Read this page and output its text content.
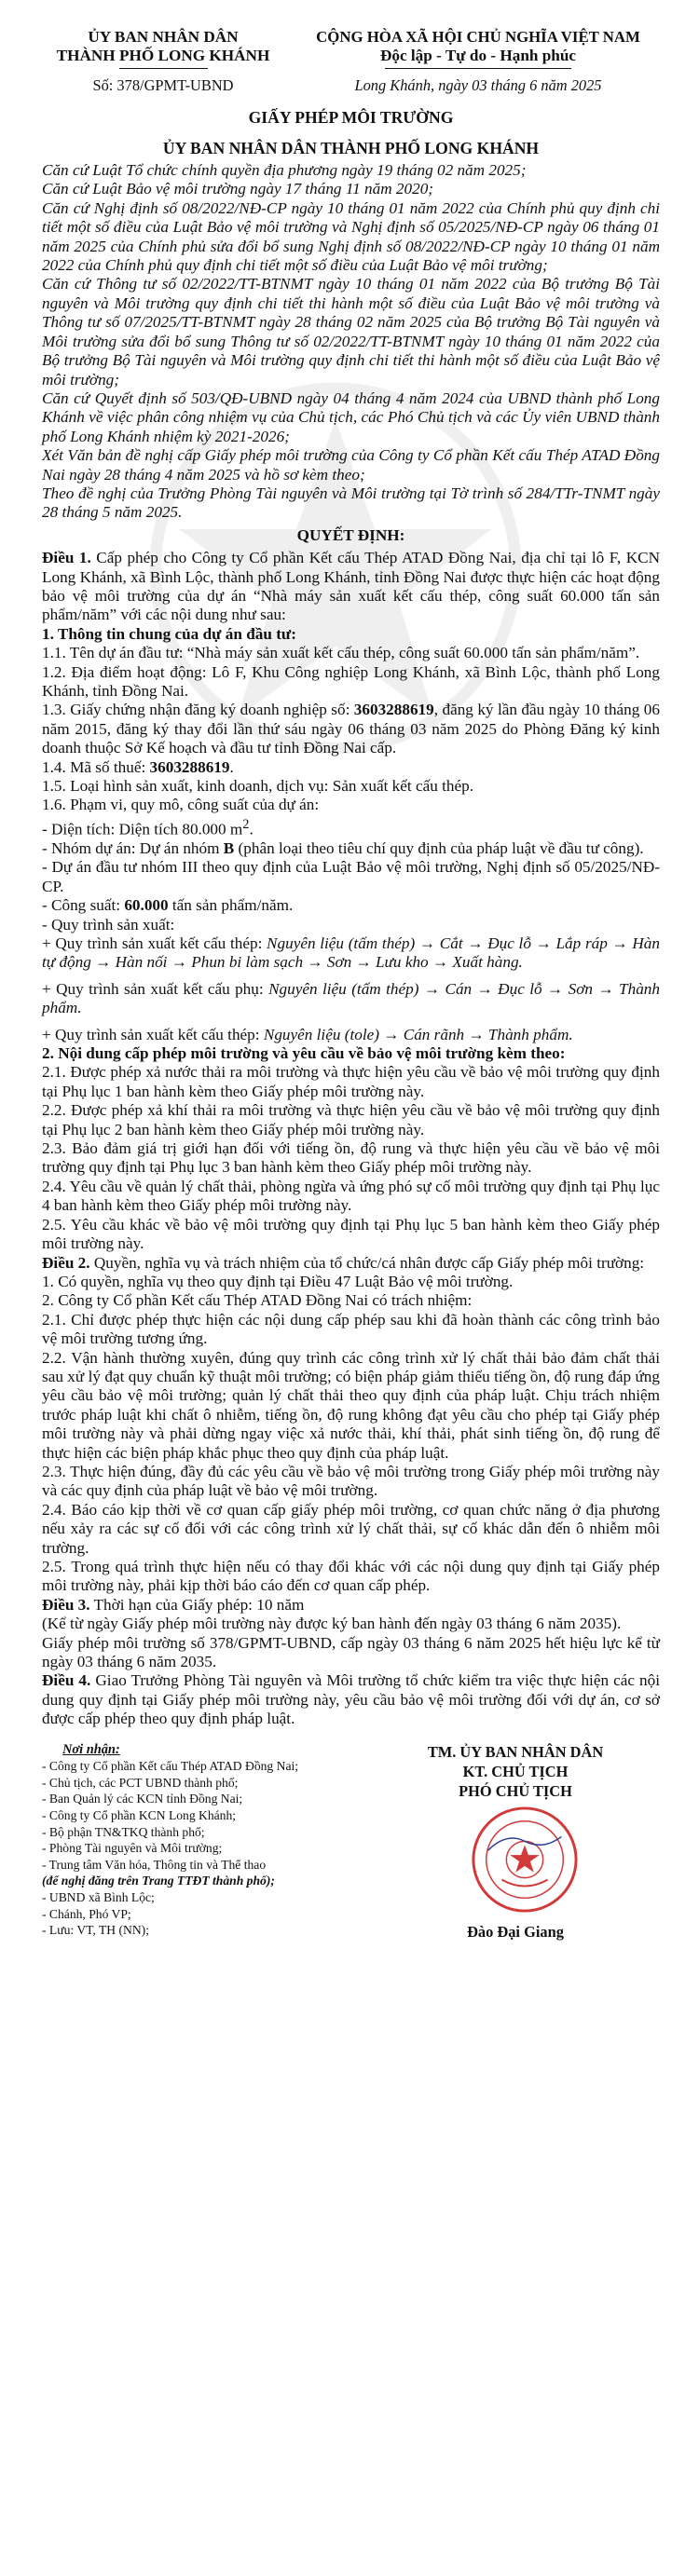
ỦY BAN NHÂN DÂN
THÀNH PHỐ LONG KHÁNH
CỘNG HÒA XÃ HỘI CHỦ NGHĨA VIỆT NAM
Độc lập - Tự do - Hạnh phúc
Số: 378/GPMT-UBND	Long Khánh, ngày 03 tháng 6 năm 2025
GIẤY PHÉP MÔI TRƯỜNG
ỦY BAN NHÂN DÂN THÀNH PHỐ LONG KHÁNH

Căn cứ Luật Tổ chức chính quyền địa phương ngày 19 tháng 02 năm 2025;

Căn cứ Luật Bảo vệ môi trường ngày 17 tháng 11 năm 2020;

Căn cứ Nghị định số 08/2022/NĐ-CP ngày 10 tháng 01 năm 2022 của Chính phủ quy định chi tiết một số điều của Luật Bảo vệ môi trường và Nghị định số 05/2025/NĐ-CP ngày 06 tháng 01 năm 2025 của Chính phủ sửa đổi bổ sung Nghị định số 08/2022/NĐ-CP ngày 10 tháng 01 năm 2022 của Chính phủ quy định chi tiết một số điều của Luật Bảo vệ môi trường;

Căn cứ Thông tư số 02/2022/TT-BTNMT ngày 10 tháng 01 năm 2022 của Bộ trưởng Bộ Tài nguyên và Môi trường quy định chi tiết thi hành một số điều của Luật Bảo vệ môi trường và Thông tư số 07/2025/TT-BTNMT ngày 28 tháng 02 năm 2025 của Bộ trưởng Bộ Tài nguyên và Môi trường sửa đổi bổ sung Thông tư số 02/2022/TT-BTNMT ngày 10 tháng 01 năm 2022 của Bộ trưởng Bộ Tài nguyên và Môi trường quy định chi tiết thi hành một số điều của Luật Bảo vệ môi trường;

Căn cứ Quyết định số 503/QĐ-UBND ngày 04 tháng 4 năm 2024 của UBND thành phố Long Khánh về việc phân công nhiệm vụ của Chủ tịch, các Phó Chủ tịch và các Ủy viên UBND thành phố Long Khánh nhiệm kỳ 2021-2026;

Xét Văn bản đề nghị cấp Giấy phép môi trường của Công ty Cổ phần Kết cấu Thép ATAD Đồng Nai ngày 28 tháng 4 năm 2025 và hồ sơ kèm theo;

Theo đề nghị của Trưởng Phòng Tài nguyên và Môi trường tại Tờ trình số 284/TTr-TNMT ngày 28 tháng 5 năm 2025.

QUYẾT ĐỊNH:

Điều 1. Cấp phép cho Công ty Cổ phần Kết cấu Thép ATAD Đồng Nai, địa chỉ tại lô F, KCN Long Khánh, xã Bình Lộc, thành phố Long Khánh, tỉnh Đồng Nai được thực hiện các hoạt động bảo vệ môi trường của dự án “Nhà máy sản xuất kết cấu thép, công suất 60.000 tấn sản phẩm/năm” với các nội dung như sau:

1. Thông tin chung của dự án đầu tư:

1.1. Tên dự án đầu tư: “Nhà máy sản xuất kết cấu thép, công suất 60.000 tấn sản phẩm/năm”.

1.2. Địa điểm hoạt động: Lô F, Khu Công nghiệp Long Khánh, xã Bình Lộc, thành phố Long Khánh, tỉnh Đồng Nai.

1.3. Giấy chứng nhận đăng ký doanh nghiệp số: 3603288619, đăng ký lần đầu ngày 10 tháng 06 năm 2015, đăng ký thay đổi lần thứ sáu ngày 06 tháng 03 năm 2025 do Phòng Đăng ký kinh doanh thuộc Sở Kế hoạch và đầu tư tỉnh Đồng Nai cấp.

1.4. Mã số thuế: 3603288619.

1.5. Loại hình sản xuất, kinh doanh, dịch vụ: Sản xuất kết cấu thép.

1.6. Phạm vi, quy mô, công suất của dự án:

- Diện tích: Diện tích 80.000 $m^2$.

- Nhóm dự án: Dự án nhóm B (phân loại theo tiêu chí quy định của pháp luật về đầu tư công).

- Dự án đầu tư nhóm III theo quy định của Luật Bảo vệ môi trường, Nghị định số 05/2025/NĐ-CP.

- Công suất: 60.000 tấn sản phẩm/năm.

- Quy trình sản xuất:

+ Quy trình sản xuất kết cấu thép: Nguyên liệu (tấm thép) → Cắt → Đục lỗ → Lắp ráp → Hàn tự động → Hàn nối → Phun bi làm sạch → Sơn → Lưu kho → Xuất hàng.

+ Quy trình sản xuất kết cấu phụ: Nguyên liệu (tấm thép) → Cán → Đục lỗ → Sơn → Thành phẩm.

+ Quy trình sản xuất kết cấu thép: Nguyên liệu (tole) → Cán rãnh → Thành phẩm.

2. Nội dung cấp phép môi trường và yêu cầu về bảo vệ môi trường kèm theo:

2.1. Được phép xả nước thải ra môi trường và thực hiện yêu cầu về bảo vệ môi trường quy định tại Phụ lục 1 ban hành kèm theo Giấy phép môi trường này.

2.2. Được phép xả khí thải ra môi trường và thực hiện yêu cầu về bảo vệ môi trường quy định tại Phụ lục 2 ban hành kèm theo Giấy phép môi trường này.

2.3. Bảo đảm giá trị giới hạn đối với tiếng ồn, độ rung và thực hiện yêu cầu về bảo vệ môi trường quy định tại Phụ lục 3 ban hành kèm theo Giấy phép môi trường này.

2.4. Yêu cầu về quản lý chất thải, phòng ngừa và ứng phó sự cố môi trường quy định tại Phụ lục 4 ban hành kèm theo Giấy phép môi trường này.

2.5. Yêu cầu khác về bảo vệ môi trường quy định tại Phụ lục 5 ban hành kèm theo Giấy phép môi trường này.

Điều 2. Quyền, nghĩa vụ và trách nhiệm của tổ chức/cá nhân được cấp Giấy phép môi trường:

1. Có quyền, nghĩa vụ theo quy định tại Điều 47 Luật Bảo vệ môi trường.

2. Công ty Cổ phần Kết cấu Thép ATAD Đồng Nai có trách nhiệm:

2.1. Chỉ được phép thực hiện các nội dung cấp phép sau khi đã hoàn thành các công trình bảo vệ môi trường tương ứng.

2.2. Vận hành thường xuyên, đúng quy trình các công trình xử lý chất thải bảo đảm chất thải sau xử lý đạt quy chuẩn kỹ thuật môi trường; có biện pháp giảm thiểu tiếng ồn, độ rung đáp ứng yêu cầu bảo vệ môi trường; quản lý chất thải theo quy định của pháp luật. Chịu trách nhiệm trước pháp luật khi chất ô nhiễm, tiếng ồn, độ rung không đạt yêu cầu cho phép tại Giấy phép môi trường này và phải dừng ngay việc xả nước thải, khí thải, phát sinh tiếng ồn, độ rung để thực hiện các biện pháp khắc phục theo quy định của pháp luật.

2.3. Thực hiện đúng, đầy đủ các yêu cầu về bảo vệ môi trường trong Giấy phép môi trường này và các quy định của pháp luật về bảo vệ môi trường.

2.4. Báo cáo kịp thời về cơ quan cấp giấy phép môi trường, cơ quan chức năng ở địa phương nếu xảy ra các sự cố đối với các công trình xử lý chất thải, sự cố khác dẫn đến ô nhiễm môi trường.

2.5. Trong quá trình thực hiện nếu có thay đổi khác với các nội dung quy định tại Giấy phép môi trường này, phải kịp thời báo cáo đến cơ quan cấp phép.

Điều 3. Thời hạn của Giấy phép: 10 năm

(Kể từ ngày Giấy phép môi trường này được ký ban hành đến ngày 03 tháng 6 năm 2035).

Giấy phép môi trường số 378/GPMT-UBND, cấp ngày 03 tháng 6 năm 2025 hết hiệu lực kể từ ngày 03 tháng 6 năm 2035.

Điều 4. Giao Trưởng Phòng Tài nguyên và Môi trường tổ chức kiểm tra việc thực hiện các nội dung quy định tại Giấy phép môi trường này, yêu cầu bảo vệ môi trường đối với dự án, cơ sở được cấp phép theo quy định pháp luật.

Nơi nhận:
- Công ty Cổ phần Kết cấu Thép ATAD Đồng Nai;
- Chủ tịch, các PCT UBND thành phố;
- Ban Quản lý các KCN tỉnh Đồng Nai;
- Công ty Cổ phần KCN Long Khánh;
- Bộ phận TN&TKQ thành phố;
- Phòng Tài nguyên và Môi trường;
- Trung tâm Văn hóa, Thông tin và Thể thao
(để nghị đăng trên Trang TTĐT thành phố);
- UBND xã Bình Lộc;
- Chánh, Phó VP;
- Lưu: VT, TH (NN);
TM. ỦY BAN NHÂN DÂN
KT. CHỦ TỊCH
PHÓ CHỦ TỊCH
Đào Đại Giang
